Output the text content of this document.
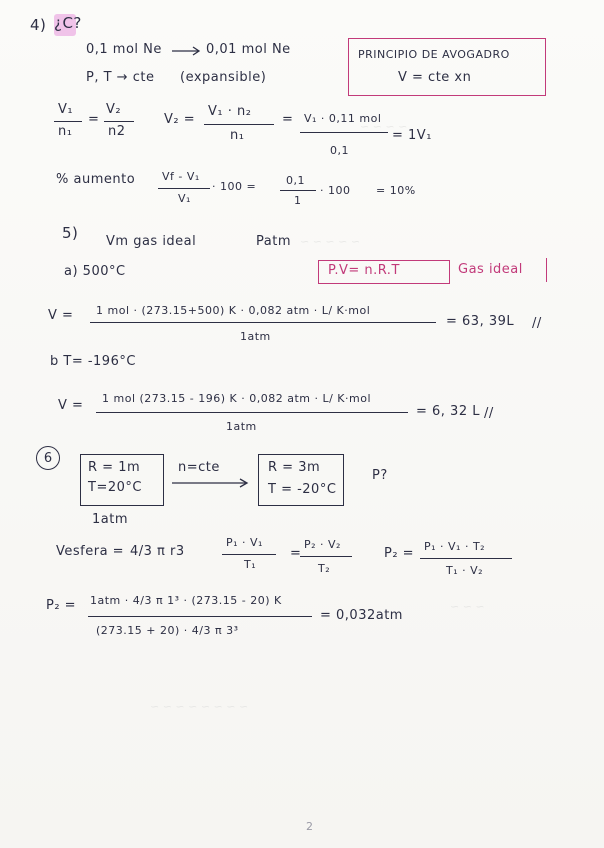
~ ~ ~ ~
~ ~ ~ ~ ~
~ ~ ~
~ ~ ~ ~ ~ ~ ~ ~
4) ¿C?
0,1 mol Ne	0,01 mol Ne
P, T → cte (expansible)
PRINCIPIO DE AVOGADRO
V = cte xn
V₁
n₁
=
V₂
n2
V₂ =
V₁ · n₂
n₁
= V₁ · 0,11 mol
0,1
= 1V₁
% aumento Vf - V₁
V₁
· 100 =	0,1
1
· 100 = 10%
5) Vm gas ideal	Patm
a) 500°C	P.V= n.R.T	Gas ideal
V = 1 mol · (273.15+500) K · 0,082 atm · L/ K·mol
1atm
= 63, 39L //
b T= -196°C
V = 1 mol (273.15 - 196) K · 0,082 atm · L/ K·mol
1atm
= 6, 32 L //
6
R = 1m
T=20°C
n=cte	R = 3m
T = -20°C
P?
1atm
Vesfera = 4/3 π r3
P₁ · V₁
T₁
=
P₂ · V₂
T₂
P₂ = P₁ · V₁ · T₂
T₁ · V₂
P₂ = 1atm · 4/3 π 1³ · (273.15 - 20) K
(273.15 + 20) · 4/3 π 3³
= 0,032atm
2
